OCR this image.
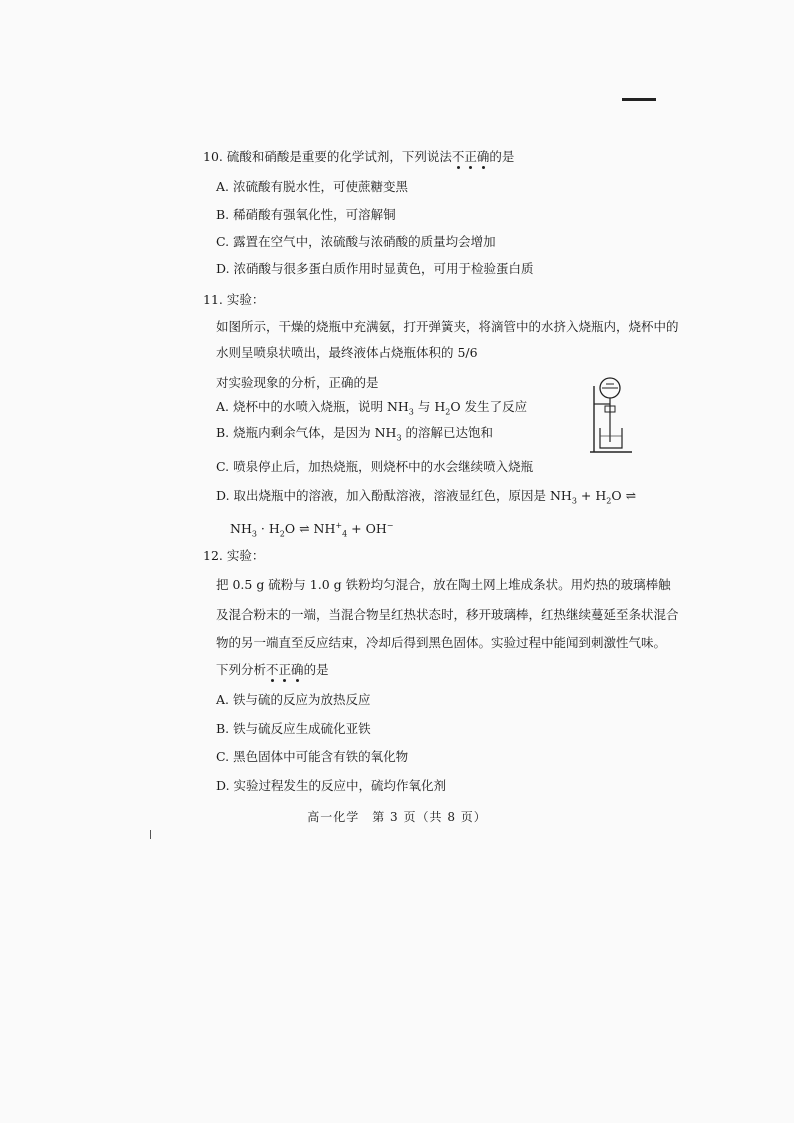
10. 硫酸和硝酸是重要的化学试剂，下列说法不正确的是
A. 浓硫酸有脱水性，可使蔗糖变黑
B. 稀硝酸有强氧化性，可溶解铜
C. 露置在空气中，浓硫酸与浓硝酸的质量均会增加
D. 浓硝酸与很多蛋白质作用时显黄色，可用于检验蛋白质
11. 实验：
如图所示，干燥的烧瓶中充满氨，打开弹簧夹，将滴管中的水挤入烧瓶内，烧杯中的
水则呈喷泉状喷出，最终液体占烧瓶体积的 5/6
对实验现象的分析，正确的是
A. 烧杯中的水喷入烧瓶，说明 $NH_3$ 与 $H_2O$ 发生了反应
B. 烧瓶内剩余气体，是因为 $NH_3$ 的溶解已达饱和
C. 喷泉停止后，加热烧瓶，则烧杯中的水会继续喷入烧瓶
D. 取出烧瓶中的溶液，加入酚酞溶液，溶液显红色，原因是 $NH_3 + H_2O$ ⇌
$NH_3 \cdot H_2O$ ⇌ $NH^+_4 + OH^-$
12. 实验：
把 0.5 g 硫粉与 1.0 g 铁粉均匀混合，放在陶土网上堆成条状。用灼热的玻璃棒触
及混合粉末的一端，当混合物呈红热状态时，移开玻璃棒，红热继续蔓延至条状混合
物的另一端直至反应结束，冷却后得到黑色固体。实验过程中能闻到刺激性气味。
下列分析不正确的是
A. 铁与硫的反应为放热反应
B. 铁与硫反应生成硫化亚铁
C. 黑色固体中可能含有铁的氧化物
D. 实验过程发生的反应中，硫均作氧化剂
高一化学　第 3 页（共 8 页）
